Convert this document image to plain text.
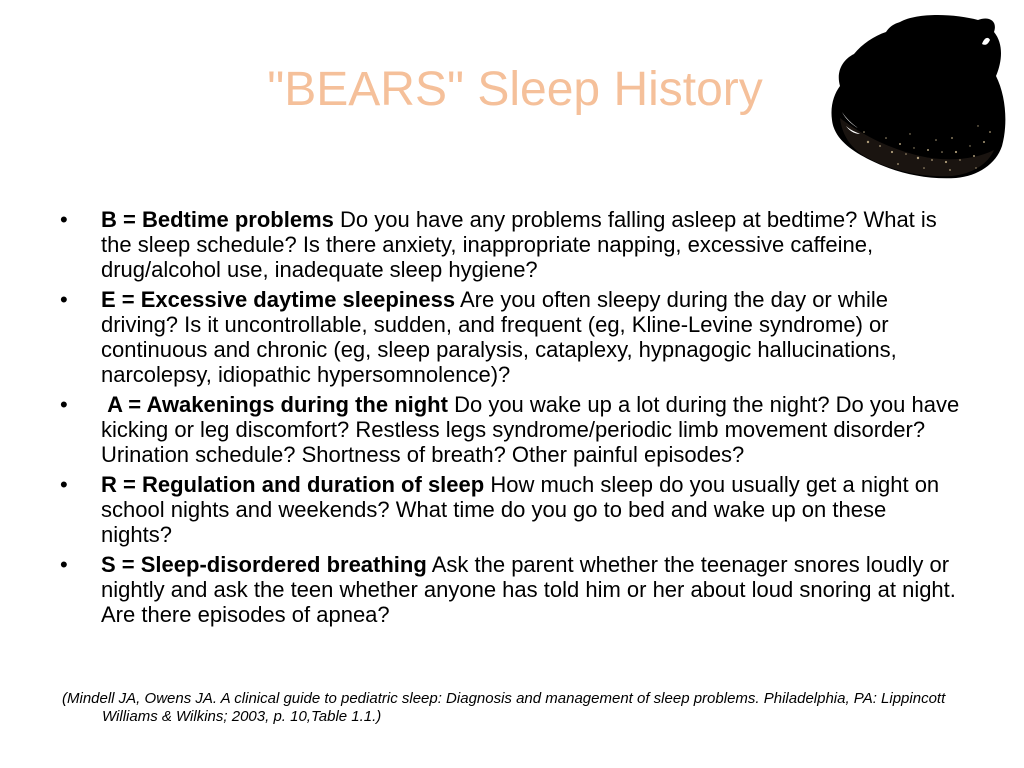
"BEARS" Sleep History
• B = Bedtime problems Do you have any problems falling asleep at bedtime? What is the sleep schedule? Is there anxiety, inappropriate napping, excessive caffeine, drug/alcohol use, inadequate sleep hygiene?
• E = Excessive daytime sleepiness Are you often sleepy during the day or while driving? Is it uncontrollable, sudden, and frequent (eg, Kline-Levine syndrome) or continuous and chronic (eg, sleep paralysis, cataplexy, hypnagogic hallucinations, narcolepsy, idiopathic hypersomnolence)?
• A = Awakenings during the night Do you wake up a lot during the night? Do you have kicking or leg discomfort? Restless legs syndrome/periodic limb movement disorder? Urination schedule? Shortness of breath? Other painful episodes?
• R = Regulation and duration of sleep How much sleep do you usually get a night on school nights and weekends? What time do you go to bed and wake up on these nights?
• S = Sleep-disordered breathing Ask the parent whether the teenager snores loudly or nightly and ask the teen whether anyone has told him or her about loud snoring at night. Are there episodes of apnea?

(Mindell JA, Owens JA. A clinical guide to pediatric sleep: Diagnosis and management of sleep problems. Philadelphia, PA: Lippincott Williams & Wilkins; 2003, p. 10,Table 1.1.)
